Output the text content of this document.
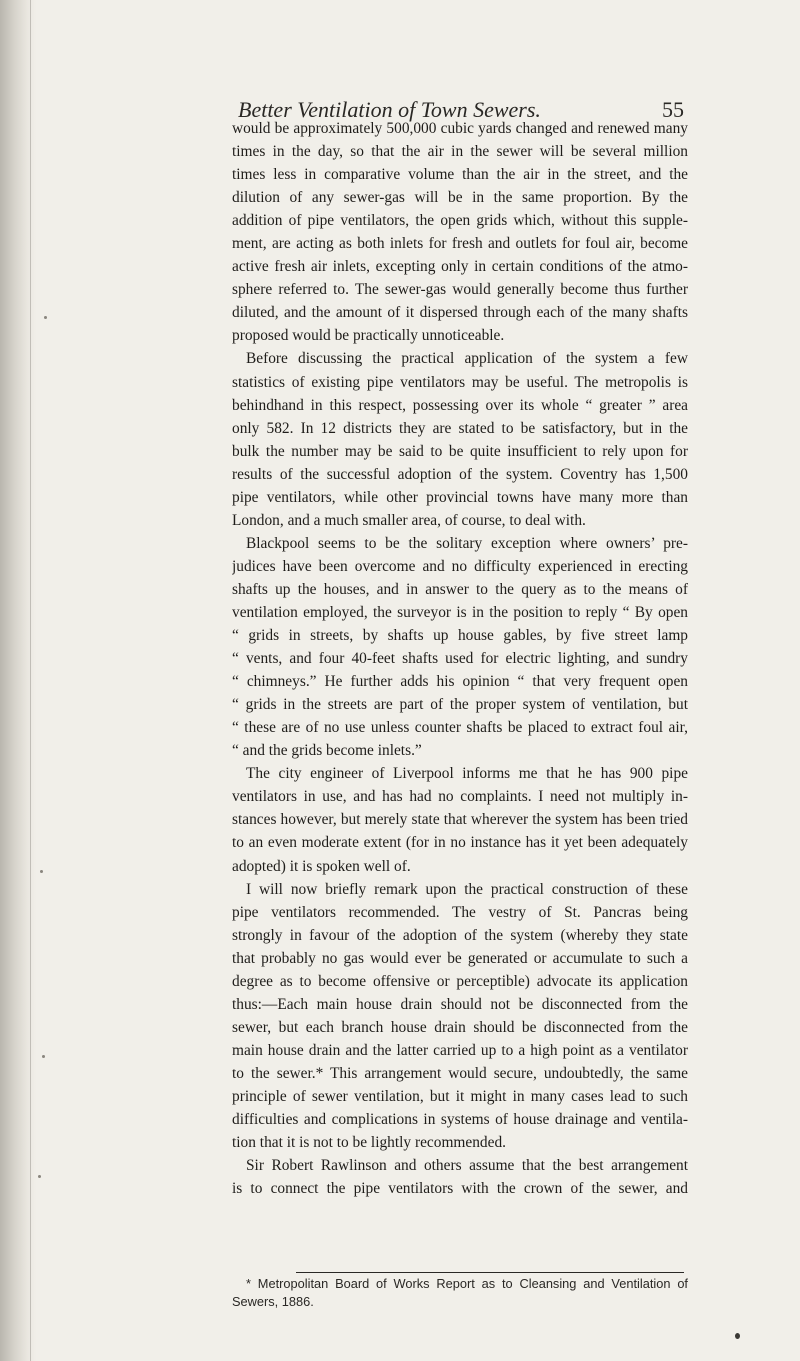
Better Ventilation of Town Sewers.	55
would be approximately 500,000 cubic yards changed and renewed many
times in the day, so that the air in the sewer will be several million
times less in comparative volume than the air in the street, and the
dilution of any sewer-gas will be in the same proportion. By the
addition of pipe ventilators, the open grids which, without this supple-
ment, are acting as both inlets for fresh and outlets for foul air, become
active fresh air inlets, excepting only in certain conditions of the atmo-
sphere referred to. The sewer-gas would generally become thus further
diluted, and the amount of it dispersed through each of the many shafts
proposed would be practically unnoticeable.
Before discussing the practical application of the system a few
statistics of existing pipe ventilators may be useful. The metropolis is
behindhand in this respect, possessing over its whole “ greater ” area
only 582. In 12 districts they are stated to be satisfactory, but in the
bulk the number may be said to be quite insufficient to rely upon for
results of the successful adoption of the system. Coventry has 1,500
pipe ventilators, while other provincial towns have many more than
London, and a much smaller area, of course, to deal with.
Blackpool seems to be the solitary exception where owners’ pre-
judices have been overcome and no difficulty experienced in erecting
shafts up the houses, and in answer to the query as to the means of
ventilation employed, the surveyor is in the position to reply “ By open
“ grids in streets, by shafts up house gables, by five street lamp
“ vents, and four 40-feet shafts used for electric lighting, and sundry
“ chimneys.” He further adds his opinion “ that very frequent open
“ grids in the streets are part of the proper system of ventilation, but
“ these are of no use unless counter shafts be placed to extract foul air,
“ and the grids become inlets.”
The city engineer of Liverpool informs me that he has 900 pipe
ventilators in use, and has had no complaints. I need not multiply in-
stances however, but merely state that wherever the system has been tried
to an even moderate extent (for in no instance has it yet been adequately
adopted) it is spoken well of.
I will now briefly remark upon the practical construction of these
pipe ventilators recommended. The vestry of St. Pancras being
strongly in favour of the adoption of the system (whereby they state
that probably no gas would ever be generated or accumulate to such a
degree as to become offensive or perceptible) advocate its application
thus:—Each main house drain should not be disconnected from the
sewer, but each branch house drain should be disconnected from the
main house drain and the latter carried up to a high point as a ventilator
to the sewer.* This arrangement would secure, undoubtedly, the same
principle of sewer ventilation, but it might in many cases lead to such
difficulties and complications in systems of house drainage and ventila-
tion that it is not to be lightly recommended.
Sir Robert Rawlinson and others assume that the best arrangement
is to connect the pipe ventilators with the crown of the sewer, and
* Metropolitan Board of Works Report as to Cleansing and Ventilation of
Sewers, 1886.
